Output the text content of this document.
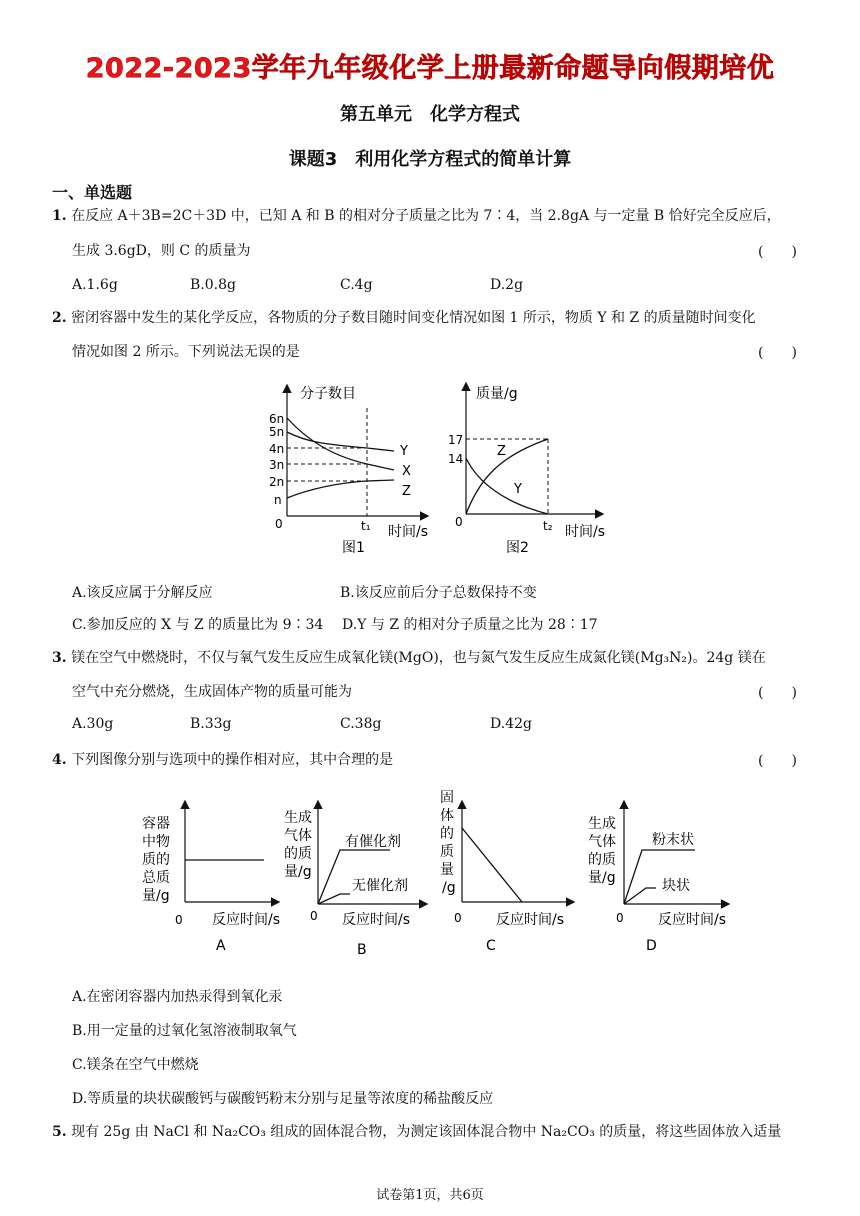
2022-2023学年九年级化学上册最新命题导向假期培优
第五单元　化学方程式
课题3　利用化学方程式的简单计算
一、单选题
1. 在反应 A＋3B=2C＋3D 中，已知 A 和 B 的相对分子质量之比为 7∶4，当 2.8gA 与一定量 B 恰好完全反应后，
生成 3.6gD，则 C 的质量为	(　　)
A.1.6g	B.0.8g	C.4g	D.2g
2. 密闭容器中发生的某化学反应，各物质的分子数目随时间变化情况如图 1 所示，物质 Y 和 Z 的质量随时间变化
情况如图 2 所示。下列说法无误的是	(　　)
分子数目
时间/s
6n
5n
4n
3n
2n
n
0	t₁
Y
X
Z
图1
质量/g
时间/s
17
14
0	t₂
Z
Y
图2
A.该反应属于分解反应	B.该反应前后分子总数保持不变
C.参加反应的 X 与 Z 的质量比为 9∶34 D.Y 与 Z 的相对分子质量之比为 28∶17
3. 镁在空气中燃烧时，不仅与氧气发生反应生成氧化镁(MgO)，也与氮气发生反应生成氮化镁(Mg₃N₂)。24g 镁在
空气中充分燃烧，生成固体产物的质量可能为	(　　)
A.30g	B.33g	C.38g	D.42g
4. 下列图像分别与选项中的操作相对应，其中合理的是	(　　)
容器 中物 质的 总质 量/g
0 反应时间/s
A
生成 气体 的质 量/g
有催化剂
无催化剂
0 反应时间/s
B
固 体 的 质 量 /g
0 反应时间/s
C
生成 气体 的质 量/g
粉末状
块状
0 反应时间/s
D
A.在密闭容器内加热汞得到氧化汞
B.用一定量的过氧化氢溶液制取氧气
C.镁条在空气中燃烧
D.等质量的块状碳酸钙与碳酸钙粉末分别与足量等浓度的稀盐酸反应
5. 现有 25g 由 NaCl 和 Na₂CO₃ 组成的固体混合物，为测定该固体混合物中 Na₂CO₃ 的质量，将这些固体放入适量
试卷第1页，共6页
